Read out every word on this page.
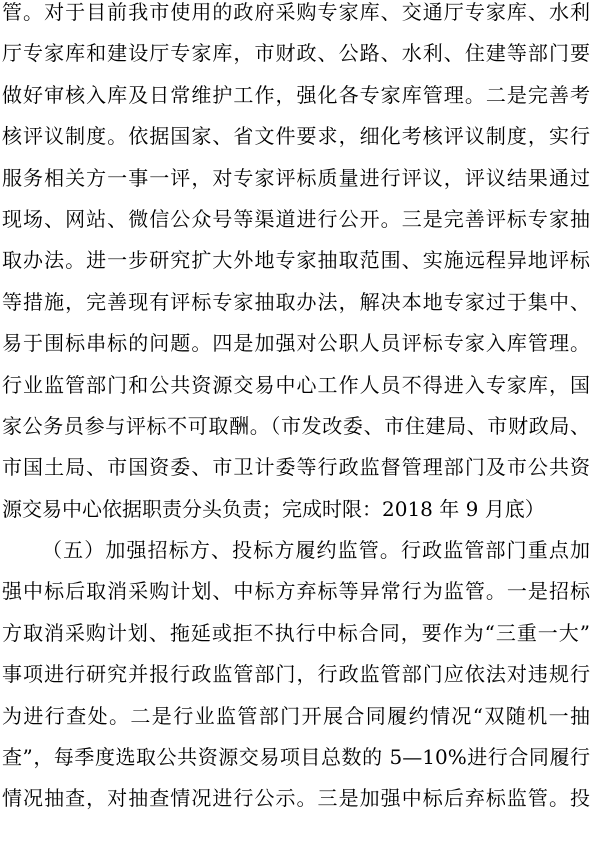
管。对于目前我市使用的政府采购专家库、交通厅专家库、水利
厅专家库和建设厅专家库，市财政、公路、水利、住建等部门要
做好审核入库及日常维护工作，强化各专家库管理。二是完善考
核评议制度。依据国家、省文件要求，细化考核评议制度，实行
服务相关方一事一评，对专家评标质量进行评议，评议结果通过
现场、网站、微信公众号等渠道进行公开。三是完善评标专家抽
取办法。进一步研究扩大外地专家抽取范围、实施远程异地评标
等措施，完善现有评标专家抽取办法，解决本地专家过于集中、
易于围标串标的问题。四是加强对公职人员评标专家入库管理。
行业监管部门和公共资源交易中心工作人员不得进入专家库，国
家公务员参与评标不可取酬。（市发改委、市住建局、市财政局、
市国土局、市国资委、市卫计委等行政监督管理部门及市公共资
源交易中心依据职责分头负责；完成时限：2018 年 9 月底）
（五）加强招标方、投标方履约监管。行政监管部门重点加
强中标后取消采购计划、中标方弃标等异常行为监管。一是招标
方取消采购计划、拖延或拒不执行中标合同，要作为“三重一大”
事项进行研究并报行政监管部门，行政监管部门应依法对违规行
为进行查处。二是行业监管部门开展合同履约情况“双随机一抽
查”，每季度选取公共资源交易项目总数的 5—10%进行合同履行
情况抽查，对抽查情况进行公示。三是加强中标后弃标监管。投
